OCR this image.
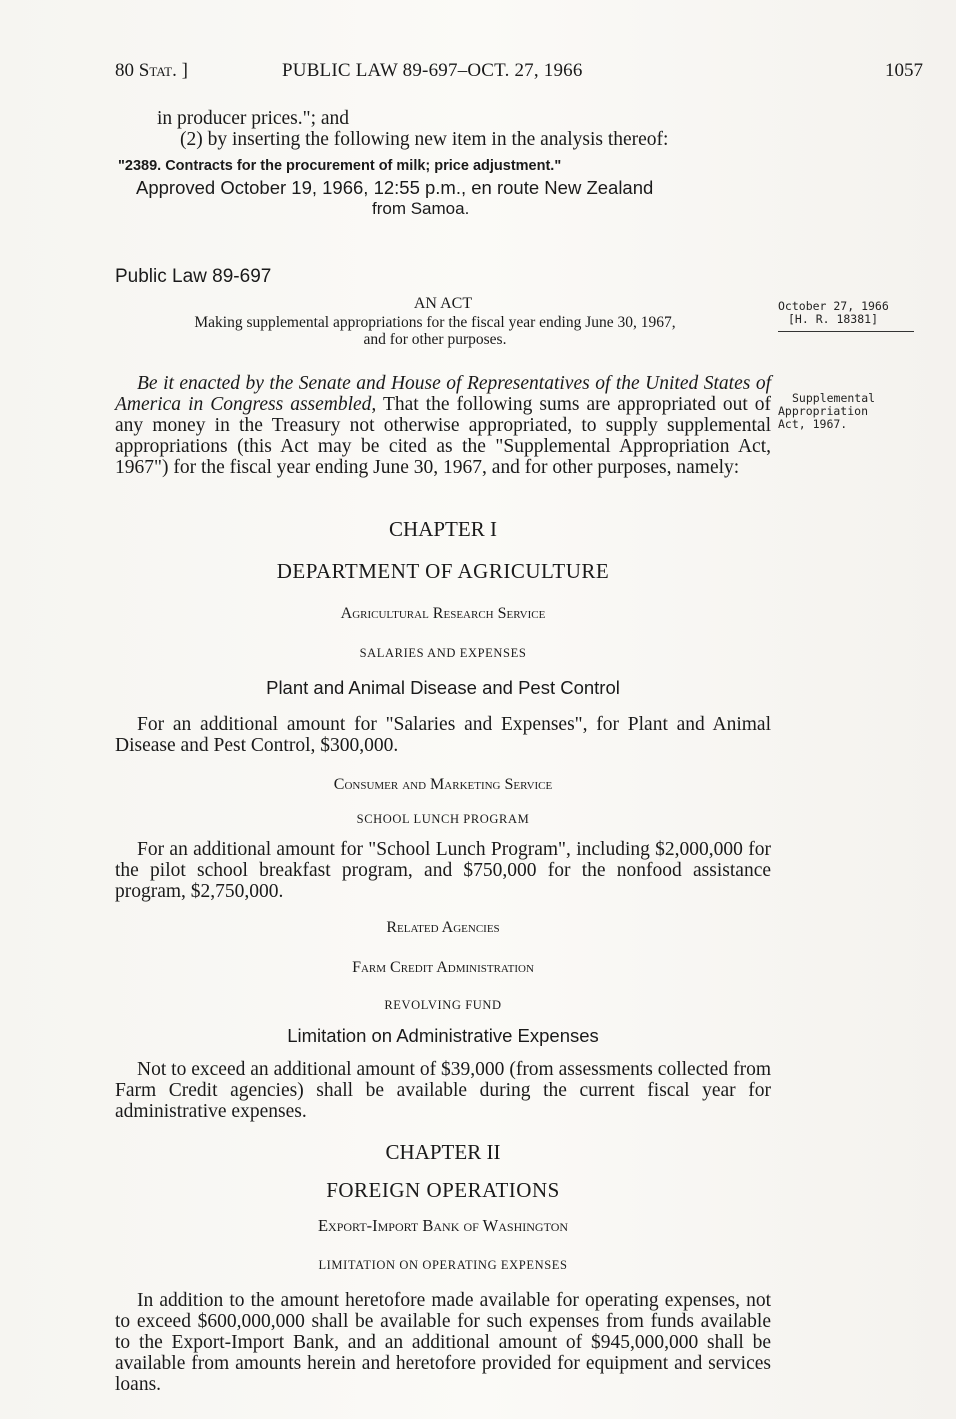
80 Stat. ]	PUBLIC LAW 89-697–OCT. 27, 1966	1057
in producer prices."; and
(2) by inserting the following new item in the analysis thereof:
"2389. Contracts for the procurement of milk; price adjustment."
Approved October 19, 1966, 12:55 p.m., en route New Zealand
from Samoa.
Public Law 89-697
AN ACT
Making supplemental appropriations for the fiscal year ending June 30, 1967,
and for other purposes.
October 27, 1966
[H. R. 18381]
Supplemental
Appropriation
Act, 1967.
Be it enacted by the Senate and House of Representatives of the United States of America in Congress assembled, That the following sums are appropriated out of any money in the Treasury not otherwise appropriated, to supply supplemental appropriations (this Act may be cited as the "Supplemental Appropriation Act, 1967") for the fiscal year ending June 30, 1967, and for other purposes, namely:
CHAPTER I
DEPARTMENT OF AGRICULTURE
Agricultural Research Service
SALARIES AND EXPENSES
Plant and Animal Disease and Pest Control
For an additional amount for "Salaries and Expenses", for Plant and Animal Disease and Pest Control, $300,000.
Consumer and Marketing Service
SCHOOL LUNCH PROGRAM
For an additional amount for "School Lunch Program", including $2,000,000 for the pilot school breakfast program, and $750,000 for the nonfood assistance program, $2,750,000.
Related Agencies
Farm Credit Administration
REVOLVING FUND
Limitation on Administrative Expenses
Not to exceed an additional amount of $39,000 (from assessments collected from Farm Credit agencies) shall be available during the current fiscal year for administrative expenses.
CHAPTER II
FOREIGN OPERATIONS
Export-Import Bank of Washington
LIMITATION ON OPERATING EXPENSES
In addition to the amount heretofore made available for operating expenses, not to exceed $600,000,000 shall be available for such expenses from funds available to the Export-Import Bank, and an additional amount of $945,000,000 shall be available from amounts herein and heretofore provided for equipment and services loans.
